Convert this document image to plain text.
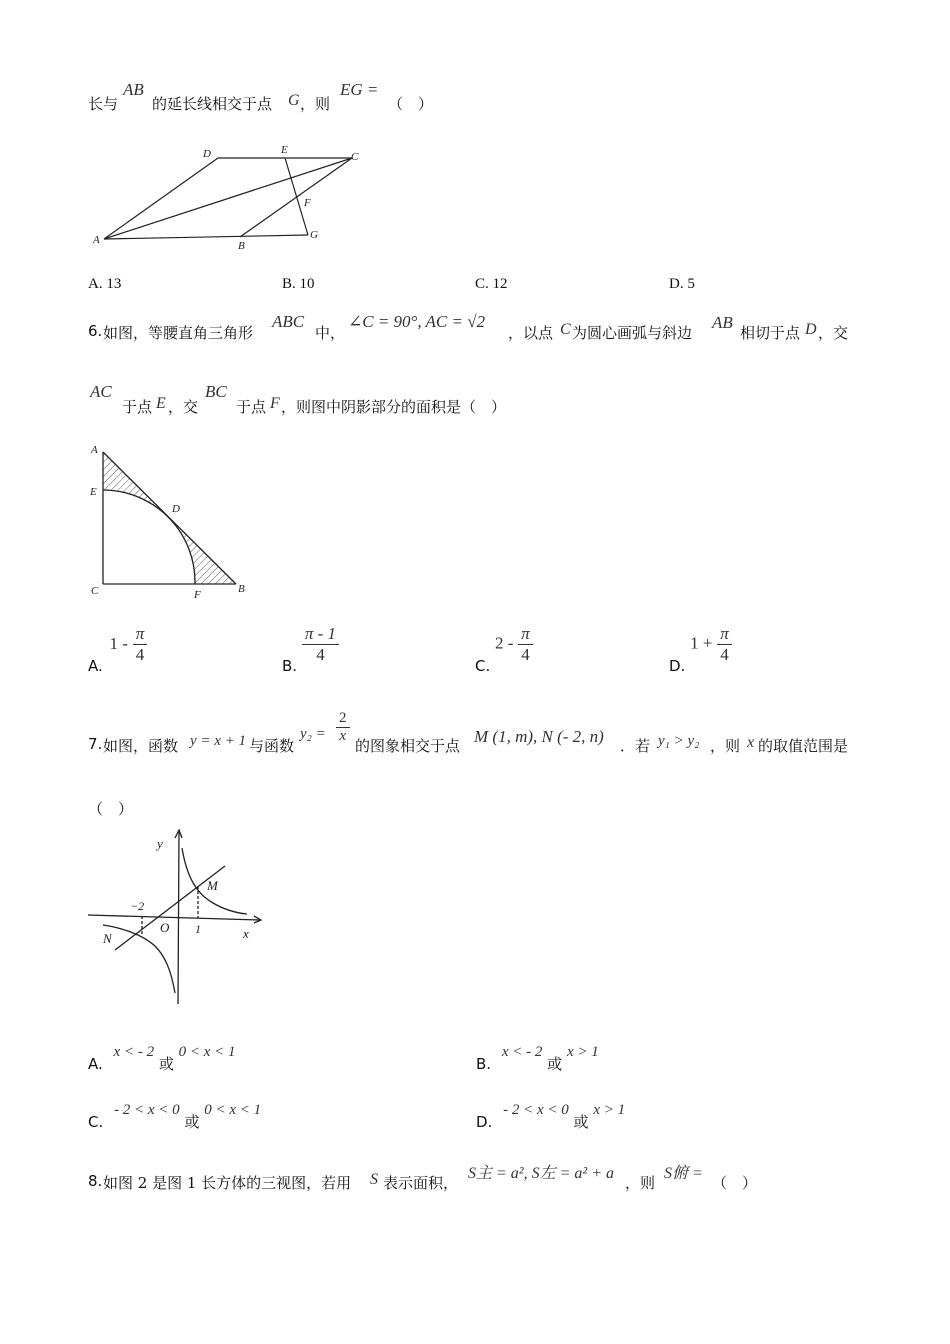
长与
AB
的延长线相交于点 G ，则
EG =
（　）
A
D	E
C
F
B
G
A. 13	B. 10	C. 12	D. 5
6. 如图，等腰直角三角形
ABC
中，
∠C = 90°, AC = √2
，以点 C 为圆心画弧与斜边
AB
相切于点 D ，交
AC
于点 E ，交
BC
于点 F ，则图中阴影部分的面积是（　）
A
E
D
C	F	B
A. $1 - \frac{\pi}{4}$
B.
$\frac{\pi - 1}{4}$
C. $2 - \frac{\pi}{4}$
D. $1 + \frac{\pi}{4}$
7. 如图，函数 y = x + 1 与函数
$y_2 = \frac{2}{x}$
的图象相交于点 M (1, m), N (- 2, n) ．若 y₁ > y₂ ，则 x 的取值范围是
（　）
y
x
M
N
O
−2
1
A. x < - 2 或 0 < x < 1
B. x < - 2 或 x > 1
C. - 2 < x < 0 或 0 < x < 1
D. - 2 < x < 0 或 x > 1
8. 如图 2 是图 1 长方体的三视图，若用 S 表示面积，
S主 = a², S左 = a² + a
，则
S俯 =
（　）
